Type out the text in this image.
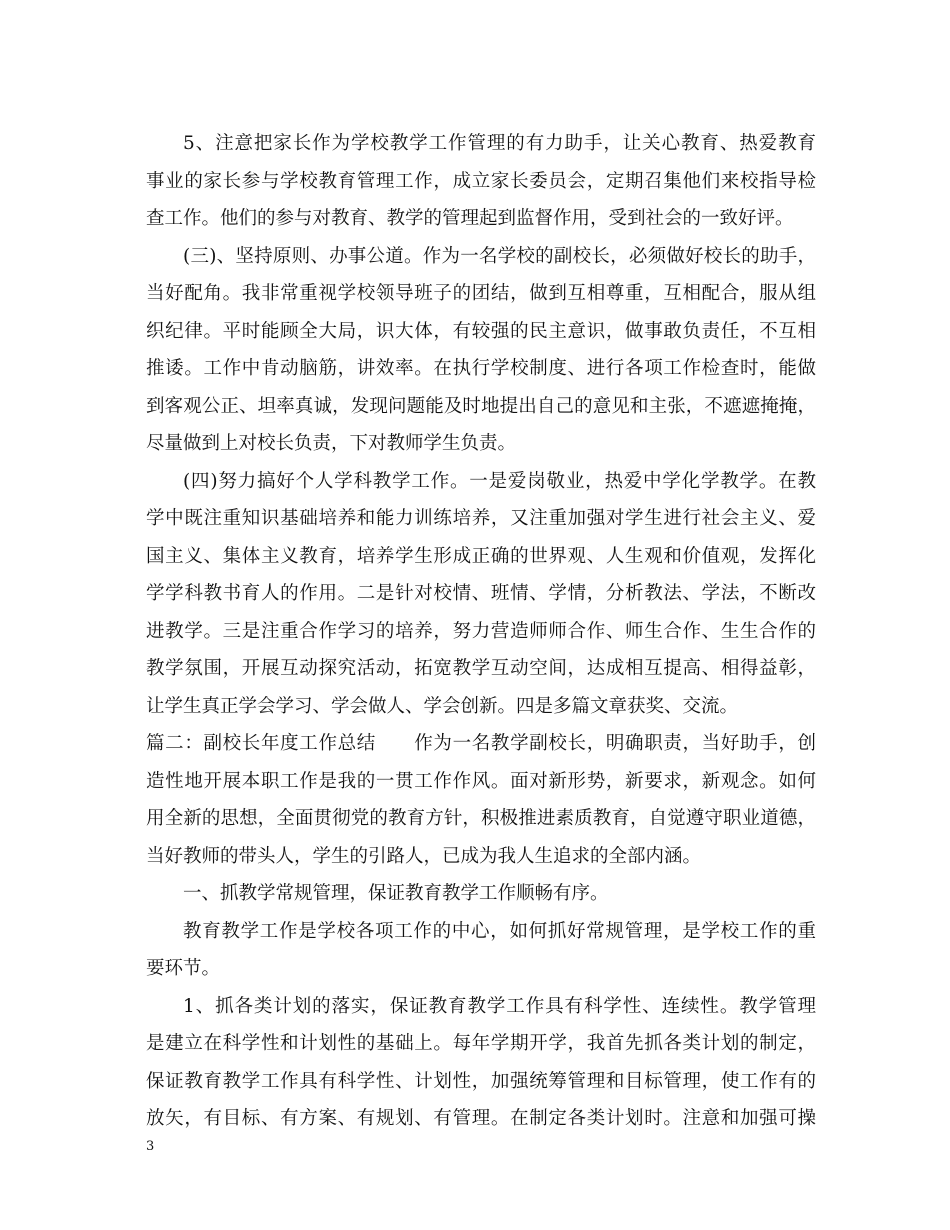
5、注意把家长作为学校教学工作管理的有力助手，让关心教育、热爱教育
事业的家长参与学校教育管理工作，成立家长委员会，定期召集他们来校指导检
查工作。他们的参与对教育、教学的管理起到监督作用，受到社会的一致好评。
(三)、坚持原则、办事公道。作为一名学校的副校长，必须做好校长的助手，
当好配角。我非常重视学校领导班子的团结，做到互相尊重，互相配合，服从组
织纪律。平时能顾全大局，识大体，有较强的民主意识，做事敢负责任，不互相
推诿。工作中肯动脑筋，讲效率。在执行学校制度、进行各项工作检查时，能做
到客观公正、坦率真诚，发现问题能及时地提出自己的意见和主张，不遮遮掩掩，
尽量做到上对校长负责，下对教师学生负责。
(四)努力搞好个人学科教学工作。一是爱岗敬业，热爱中学化学教学。在教
学中既注重知识基础培养和能力训练培养，又注重加强对学生进行社会主义、爱
国主义、集体主义教育，培养学生形成正确的世界观、人生观和价值观，发挥化
学学科教书育人的作用。二是针对校情、班情、学情，分析教法、学法，不断改
进教学。三是注重合作学习的培养，努力营造师师合作、师生合作、生生合作的
教学氛围，开展互动探究活动，拓宽教学互动空间，达成相互提高、相得益彰，
让学生真正学会学习、学会做人、学会创新。四是多篇文章获奖、交流。
篇二：副校长年度工作总结　　作为一名教学副校长，明确职责，当好助手，创
造性地开展本职工作是我的一贯工作作风。面对新形势，新要求，新观念。如何
用全新的思想，全面贯彻党的教育方针，积极推进素质教育，自觉遵守职业道德，
当好教师的带头人，学生的引路人，已成为我人生追求的全部内涵。
一、抓教学常规管理，保证教育教学工作顺畅有序。
教育教学工作是学校各项工作的中心，如何抓好常规管理，是学校工作的重
要环节。
1、抓各类计划的落实，保证教育教学工作具有科学性、连续性。教学管理
是建立在科学性和计划性的基础上。每年学期开学，我首先抓各类计划的制定，
保证教育教学工作具有科学性、计划性，加强统筹管理和目标管理，使工作有的
放矢，有目标、有方案、有规划、有管理。在制定各类计划时。注意和加强可操
3
